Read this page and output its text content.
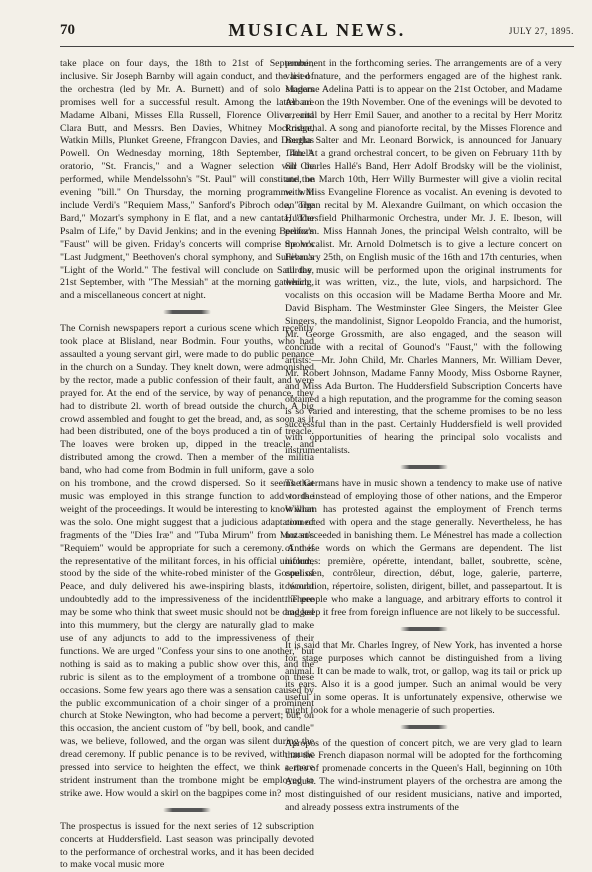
70	MUSICAL NEWS.	JULY 27, 1895.

take place on four days, the 18th to 21st of September, inclusive. Sir Joseph Barnby will again conduct, and the list of the orchestra (led by Mr. A. Burnett) and of solo singers promises well for a successful result. Among the latter are Madame Albani, Misses Ella Russell, Florence Oliver, and Clara Butt, and Messrs. Ben Davies, Whitney Mockridge, Watkin Mills, Plunket Greene, Ffrangcon Davies, and Douglas Powell. On Wednesday morning, 18th September, Tinel's oratorio, "St. Francis," and a Wagner selection will be performed, while Mendelssohn's "St. Paul" will constitute the evening "bill." On Thursday, the morning programme will include Verdi's "Requiem Mass," Sanford's Pibroch ode, "The Bard," Mozart's symphony in E flat, and a new cantata, "The Psalm of Life," by David Jenkins; and in the evening Berlioz's "Faust" will be given. Friday's concerts will comprise Spohr's "Last Judgment," Beethoven's choral symphony, and Sullivan's "Light of the World." The festival will conclude on Saturday, 21st September, with "The Messiah" at the morning gathering, and a miscellaneous concert at night.

The Cornish newspapers report a curious scene which recently took place at Blisland, near Bodmin. Four youths, who had assaulted a young servant girl, were made to do public penance in the church on a Sunday. They knelt down, were admonished by the rector, made a public confession of their fault, and were prayed for. At the end of the service, by way of penance, they had to distribute 2l. worth of bread outside the church. A big crowd assembled and fought to get the bread, and, as soon as it had been distributed, one of the boys produced a tin of treacle. The loaves were broken up, dipped in the treacle, and distributed among the crowd. Then a member of the militia band, who had come from Bodmin in full uniform, gave a solo on his trombone, and the crowd dispersed. So it seems that music was employed in this strange function to add to the weight of the proceedings. It would be interesting to know what was the solo. One might suggest that a judicious adaptation of fragments of the "Dies Iræ" and "Tuba Mirum" from Mozart's "Requiem" would be appropriate for such a ceremony. And if the representative of the militant forces, in his official uniform, stood by the side of the white-robed minister of the Gospel of Peace, and duly delivered his awe-inspiring blasts, it would undoubtedly add to the impressiveness of the incident. There may be some who think that sweet music should not be dragged into this mummery, but the clergy are naturally glad to make use of any adjuncts to add to the impressiveness of their functions. We are urged "Confess your sins to one another," but nothing is said as to making a public show over this, and the rubric is silent as to the employment of a trombone on these occasions. Some few years ago there was a sensation caused by the public excommunication of a choir singer of a prominent church at Stoke Newington, who had become a pervert; but, on this occasion, the ancient custom of "by bell, book, and candle" was, we believe, followed, and the organ was silent during the dread ceremony. If public penance is to be revived, with music pressed into service to heighten the effect, we think a more strident instrument than the trombone might be employed to strike awe. How would a skirl on the bagpipes come in?

The prospectus is issued for the next series of 12 subscription concerts at Huddersfield. Last season was principally devoted to the performance of orchestral works, and it has been decided to make vocal music more

prominent in the forthcoming series. The arrangements are of a very varied nature, and the performers engaged are of the highest rank. Madame Adelina Patti is to appear on the 21st October, and Madame Albani on the 19th November. One of the evenings will be devoted to a recital by Herr Emil Sauer, and another to a recital by Herr Moritz Rosenthal. A song and pianoforte recital, by the Misses Florence and Bertha Salter and Mr. Leonard Borwick, is announced for January 14th. At a grand orchestral concert, to be given on February 11th by Sir Charles Hallé's Band, Herr Adolf Brodsky will be the violinist, and, on March 10th, Herr Willy Burmester will give a violin recital with Miss Evangeline Florence as vocalist. An evening is devoted to an organ recital by M. Alexandre Guilmant, on which occasion the Huddersfield Philharmonic Orchestra, under Mr. J. E. Ibeson, will perform. Miss Hannah Jones, the principal Welsh contralto, will be the vocalist. Mr. Arnold Dolmetsch is to give a lecture concert on February 25th, on English music of the 16th and 17th centuries, when all the music will be performed upon the original instruments for which it was written, viz., the lute, viols, and harpsichord. The vocalists on this occasion will be Madame Bertha Moore and Mr. David Bispham. The Westminster Glee Singers, the Meister Glee Singers, the mandolinist, Signor Leopoldo Francia, and the humorist, Mr. George Grossmith, are also engaged, and the season will conclude with a recital of Gounod's "Faust," with the following artists:—Mr. John Child, Mr. Charles Manners, Mr. William Dever, Mr. Robert Johnson, Madame Fanny Moody, Miss Osborne Rayner, and Miss Ada Burton. The Huddersfield Subscription Concerts have obtained a high reputation, and the programme for the coming season is so varied and interesting, that the scheme promises to be no less successful than in the past. Certainly Huddersfield is well provided with opportunities of hearing the principal solo vocalists and instrumentalists.

The Germans have in music shown a tendency to make use of native words instead of employing those of other nations, and the Emperor William has protested against the employment of French terms connected with opera and the stage generally. Nevertheless, he has not succeeded in banishing them. Le Ménestrel has made a collection of these words on which the Germans are dependent. The list includes: première, opérette, intendant, ballet, soubrette, scène, coulissen, contrôleur, direction, début, loge, galerie, parterre, décoration, répertoire, solisten, dirigent, billet, and passepartout. It is the people who make a language, and arbitrary efforts to control it and keep it free from foreign influence are not likely to be successful.

It is said that Mr. Charles Ingrey, of New York, has invented a horse for stage purposes which cannot be distinguished from a living animal. It can be made to walk, trot, or gallop, wag its tail or prick up its ears. Also it is a good jumper. Such an animal would be very useful in some operas. It is unfortunately expensive, otherwise we might look for a whole menagerie of such properties.

Apropos of the question of concert pitch, we are very glad to learn that the French diapason normal will be adopted for the forthcoming series of promenade concerts in the Queen's Hall, beginning on 10th August. The wind-instrument players of the orchestra are among the most distinguished of our resident musicians, native and imported, and already possess extra instruments of the
